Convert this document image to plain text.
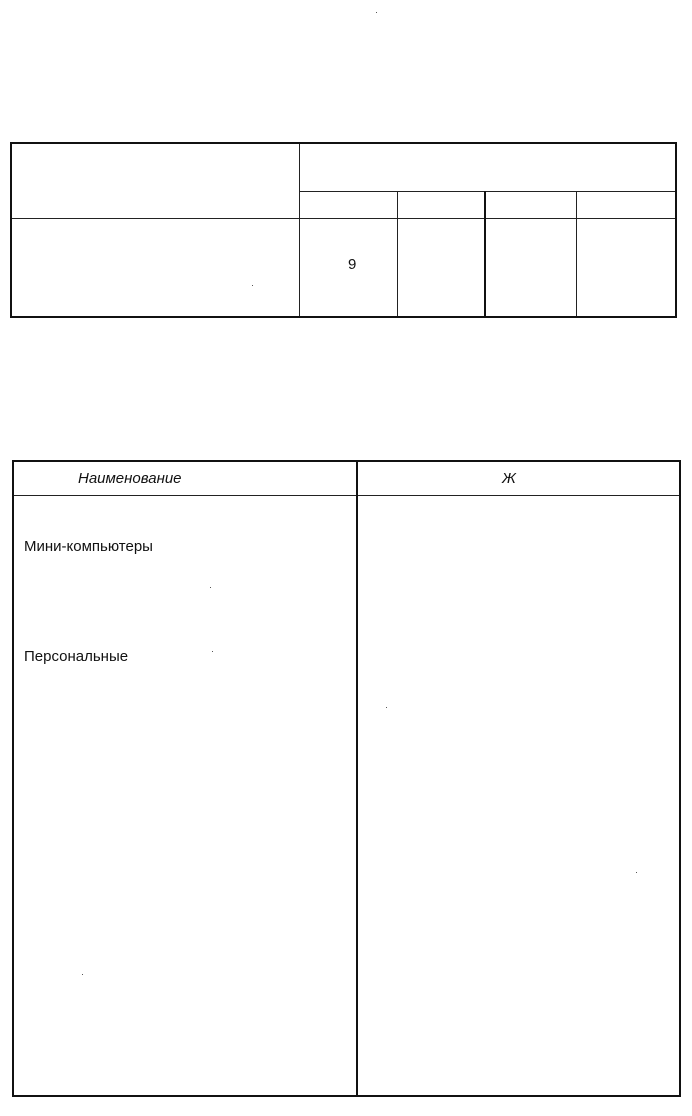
9
Наименование	Ж
Мини-компьютеры
Персональные
